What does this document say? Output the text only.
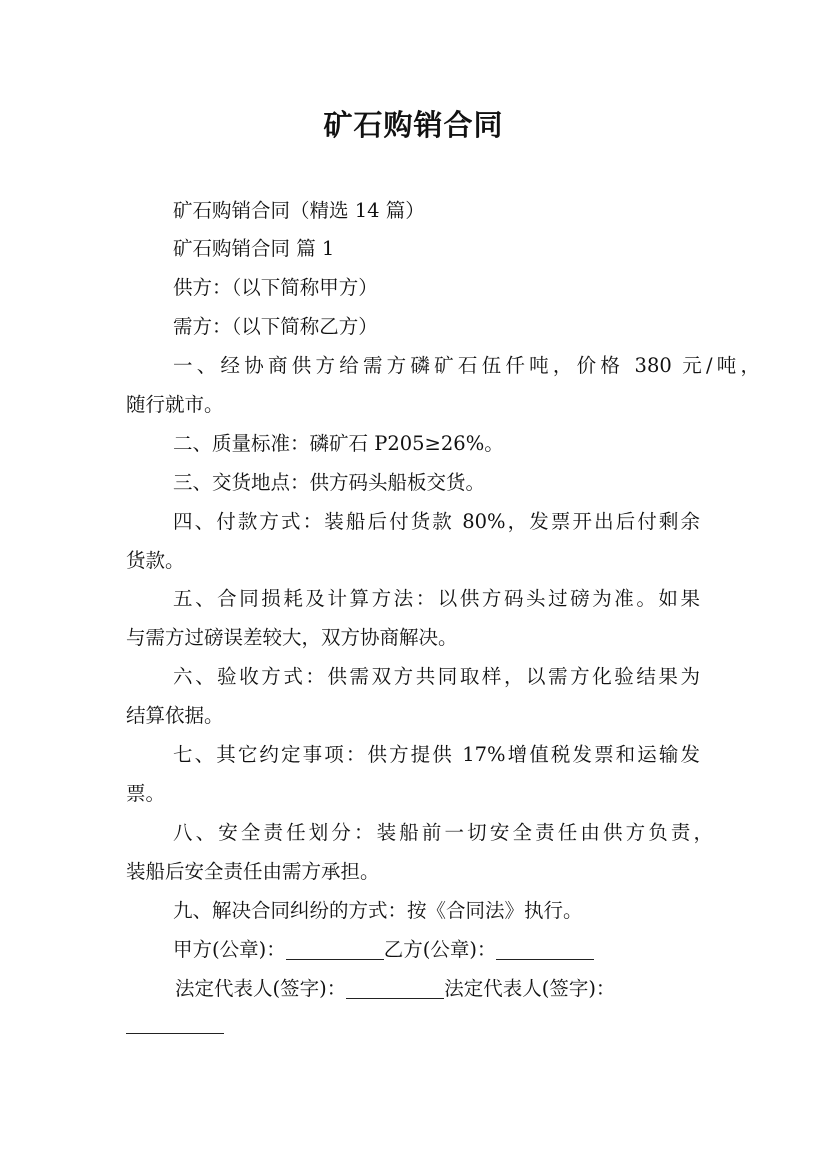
矿石购销合同
矿石购销合同（精选 14 篇）
矿石购销合同 篇 1
供方：（以下简称甲方）
需方：（以下简称乙方）
一、经协商供方给需方磷矿石伍仟吨，价格 380 元/吨，
随行就市。
二、质量标准：磷矿石 P205≥26%。
三、交货地点：供方码头船板交货。
四、付款方式：装船后付货款 80%，发票开出后付剩余
货款。
五、合同损耗及计算方法：以供方码头过磅为准。如果
与需方过磅误差较大，双方协商解决。
六、验收方式：供需双方共同取样，以需方化验结果为
结算依据。
七、其它约定事项：供方提供 17%增值税发票和运输发
票。
八、安全责任划分：装船前一切安全责任由供方负责，
装船后安全责任由需方承担。
九、解决合同纠纷的方式：按《合同法》执行。
甲方(公章)：	乙方(公章)：
法定代表人(签字)：	法定代表人(签字)：
